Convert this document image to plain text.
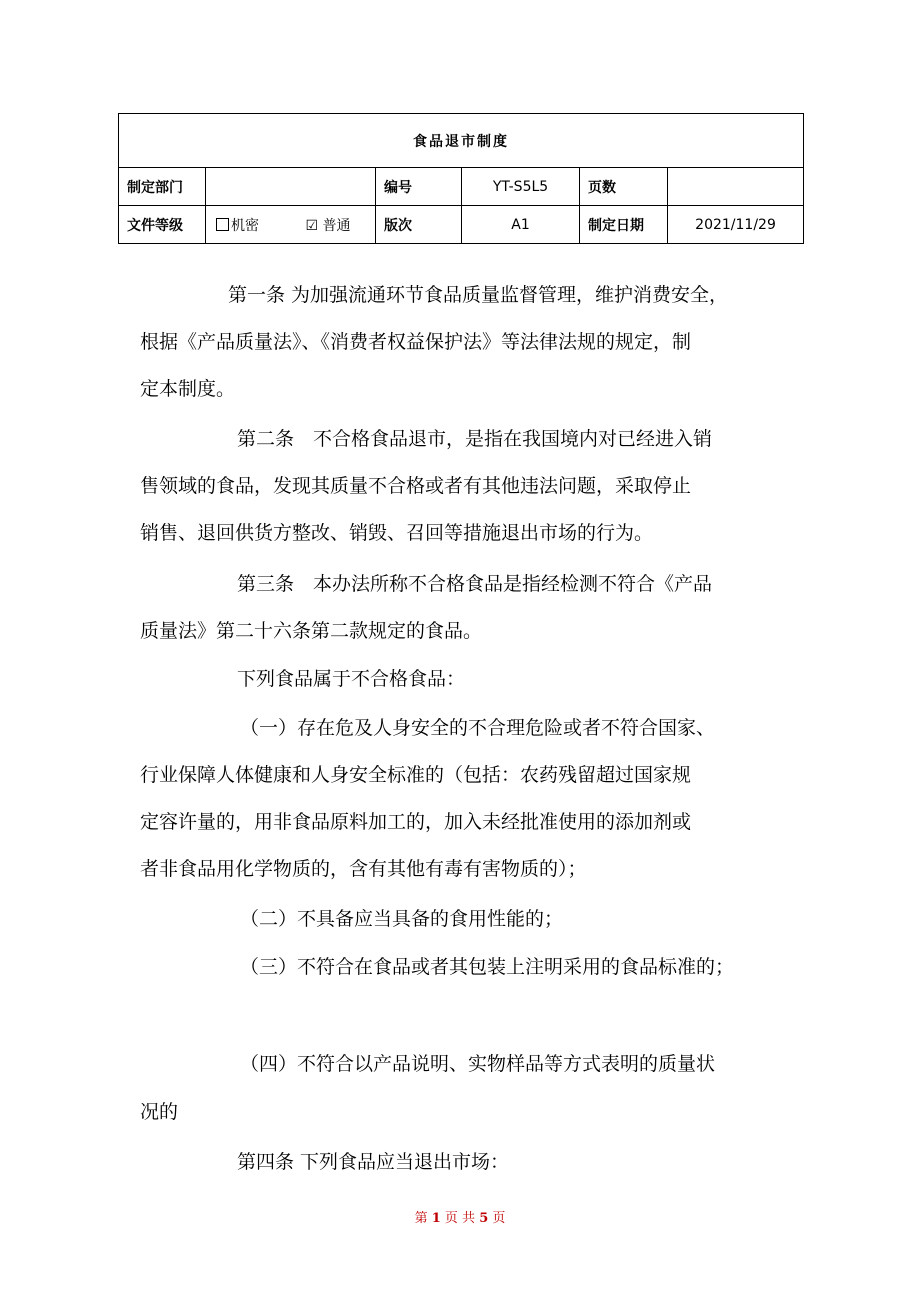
食品退市制度					
制定部门		编号	YT-S5L5	页数	
文件等级	机密 ☑ 普通	版次	A1	制定日期	2021/11/29
第一条 为加强流通环节食品质量监督管理，维护消费安全，
根据《产品质量法》、《消费者权益保护法》等法律法规的规定，制
定本制度。
第二条　不合格食品退市，是指在我国境内对已经进入销
售领域的食品，发现其质量不合格或者有其他违法问题，采取停止
销售、退回供货方整改、销毁、召回等措施退出市场的行为。
第三条　本办法所称不合格食品是指经检测不符合《产品
质量法》第二十六条第二款规定的食品。
下列食品属于不合格食品：
（一）存在危及人身安全的不合理危险或者不符合国家、
行业保障人体健康和人身安全标准的（包括：农药残留超过国家规
定容许量的，用非食品原料加工的，加入未经批准使用的添加剂或
者非食品用化学物质的，含有其他有毒有害物质的）；
（二）不具备应当具备的食用性能的；
（三）不符合在食品或者其包装上注明采用的食品标准的；
（四）不符合以产品说明、实物样品等方式表明的质量状
况的
第四条 下列食品应当退出市场：
第 1 页 共 5 页
